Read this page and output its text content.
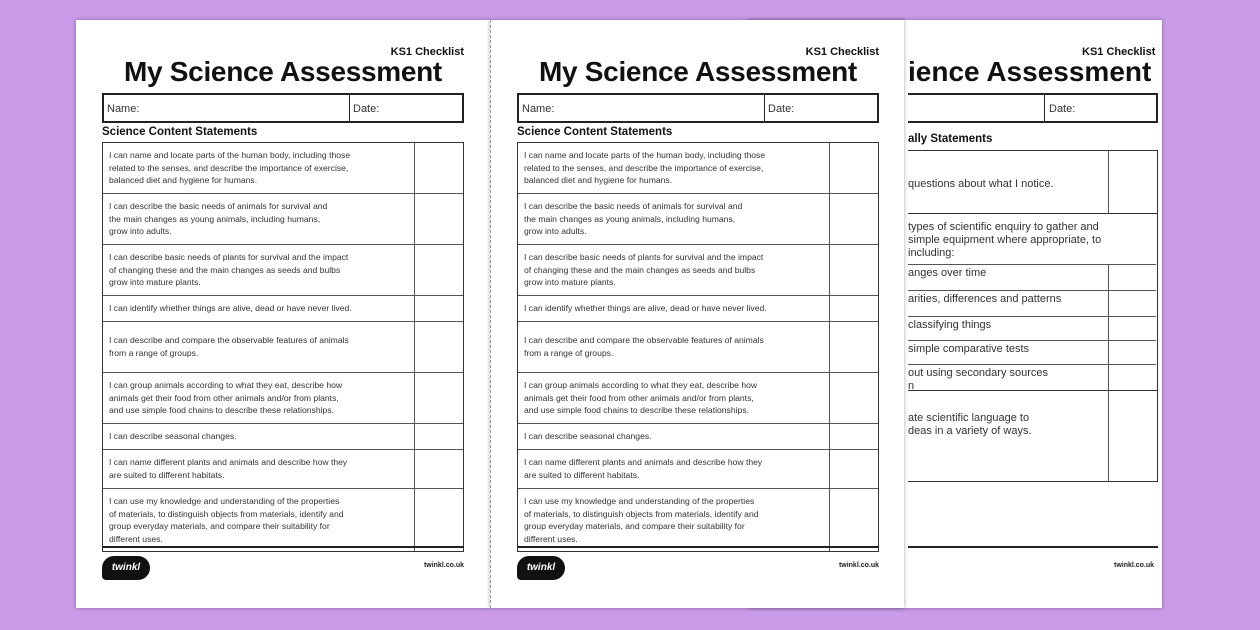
KS1 Checklist
ience Assessment
Date:
ally Statements
questions about what I notice.
types of scientific enquiry to gather and
simple equipment where appropriate, to
including:
anges over time
arities, differences and patterns
classifying things
simple comparative tests
out using secondary sources
n
ate scientific language to
deas in a variety of ways.
twinkl.co.uk
KS1 Checklist
My Science Assessment
Name:	Date:
Science Content Statements
I can name and locate parts of the human body, including those
related to the senses, and describe the importance of exercise,
balanced diet and hygiene for humans.
I can describe the basic needs of animals for survival and
the main changes as young animals, including humans,
grow into adults.
I can describe basic needs of plants for survival and the impact
of changing these and the main changes as seeds and bulbs
grow into mature plants.
I can identify whether things are alive, dead or have never lived.
I can describe and compare the observable features of animals
from a range of groups.
I can group animals according to what they eat, describe how
animals get their food from other animals and/or from plants,
and use simple food chains to describe these relationships.
I can describe seasonal changes.
I can name different plants and animals and describe how they
are suited to different habitats.
I can use my knowledge and understanding of the properties
of materials, to distinguish objects from materials, identify and
group everyday materials, and compare their suitability for
different uses.
twinkl	twinkl.co.uk
KS1 Checklist
My Science Assessment
Name:	Date:
Science Content Statements
I can name and locate parts of the human body, including those
related to the senses, and describe the importance of exercise,
balanced diet and hygiene for humans.
I can describe the basic needs of animals for survival and
the main changes as young animals, including humans,
grow into adults.
I can describe basic needs of plants for survival and the impact
of changing these and the main changes as seeds and bulbs
grow into mature plants.
I can identify whether things are alive, dead or have never lived.
I can describe and compare the observable features of animals
from a range of groups.
I can group animals according to what they eat, describe how
animals get their food from other animals and/or from plants,
and use simple food chains to describe these relationships.
I can describe seasonal changes.
I can name different plants and animals and describe how they
are suited to different habitats.
I can use my knowledge and understanding of the properties
of materials, to distinguish objects from materials, identify and
group everyday materials, and compare their suitability for
different uses.
twinkl	twinkl.co.uk
